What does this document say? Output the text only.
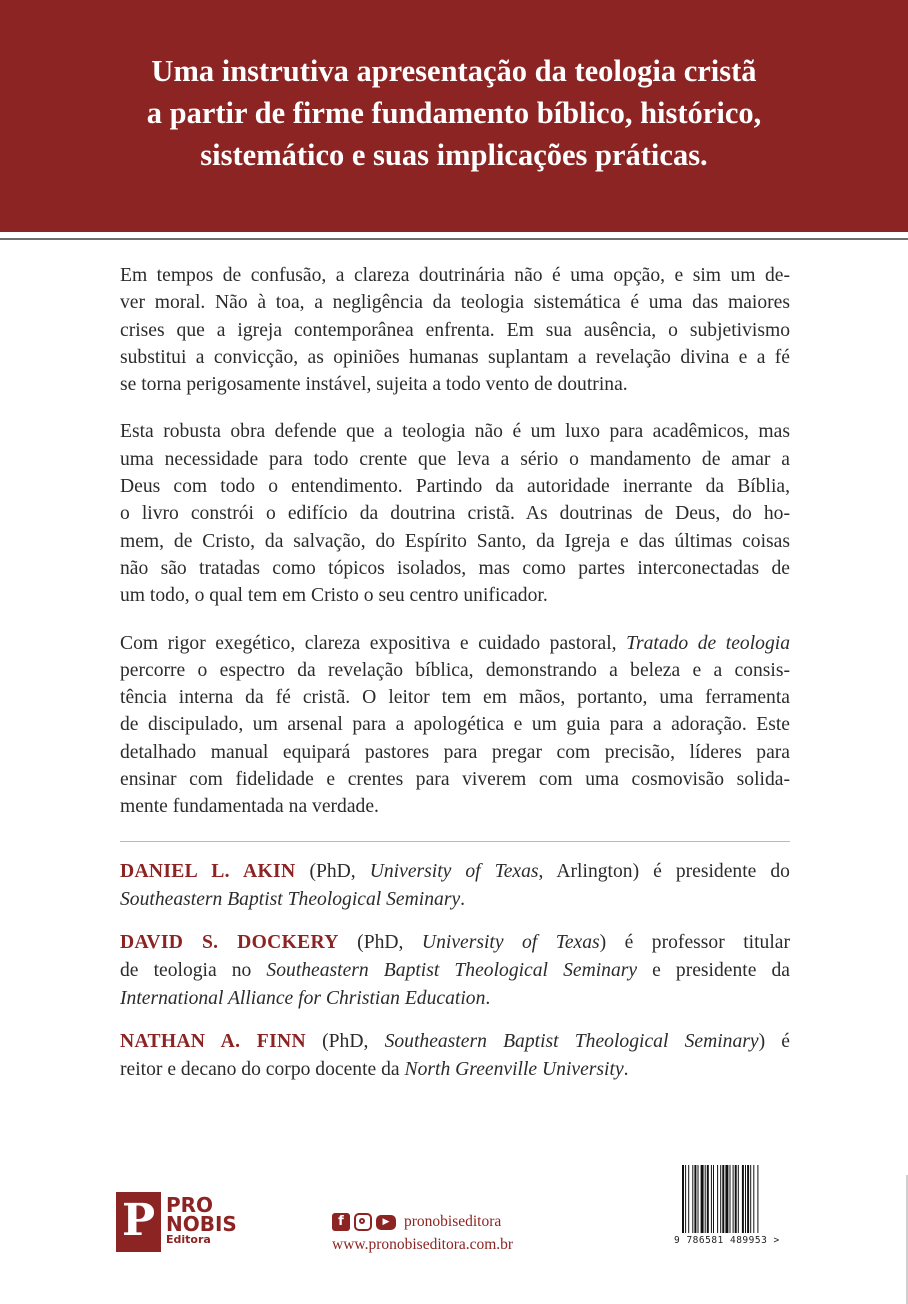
Uma instrutiva apresentação da teologia cristã
a partir de firme fundamento bíblico, histórico,
sistemático e suas implicações práticas.

Em tempos de confusão, a clareza doutrinária não é uma opção, e sim um de-
ver moral. Não à toa, a negligência da teologia sistemática é uma das maiores
crises que a igreja contemporânea enfrenta. Em sua ausência, o subjetivismo
substitui a convicção, as opiniões humanas suplantam a revelação divina e a fé
se torna perigosamente instável, sujeita a todo vento de doutrina.

Esta robusta obra defende que a teologia não é um luxo para acadêmicos, mas
uma necessidade para todo crente que leva a sério o mandamento de amar a
Deus com todo o entendimento. Partindo da autoridade inerrante da Bíblia,
o livro constrói o edifício da doutrina cristã. As doutrinas de Deus, do ho-
mem, de Cristo, da salvação, do Espírito Santo, da Igreja e das últimas coisas
não são tratadas como tópicos isolados, mas como partes interconectadas de
um todo, o qual tem em Cristo o seu centro unificador.

Com rigor exegético, clareza expositiva e cuidado pastoral, Tratado de teologia
percorre o espectro da revelação bíblica, demonstrando a beleza e a consis-
tência interna da fé cristã. O leitor tem em mãos, portanto, uma ferramenta
de discipulado, um arsenal para a apologética e um guia para a adoração. Este
detalhado manual equipará pastores para pregar com precisão, líderes para
ensinar com fidelidade e crentes para viverem com uma cosmovisão solida-
mente fundamentada na verdade.

DANIEL L. AKIN (PhD, University of Texas, Arlington) é presidente do
Southeastern Baptist Theological Seminary.

DAVID S. DOCKERY (PhD, University of Texas) é professor titular
de teologia no Southeastern Baptist Theological Seminary e presidente da
International Alliance for Christian Education.

NATHAN A. FINN (PhD, Southeastern Baptist Theological Seminary) é
reitor e decano do corpo docente da North Greenville University.

P PRO
NOBIS
Editora
f	▶ pronobiseditora
www.pronobiseditora.com.br	9 786581 489953 >
